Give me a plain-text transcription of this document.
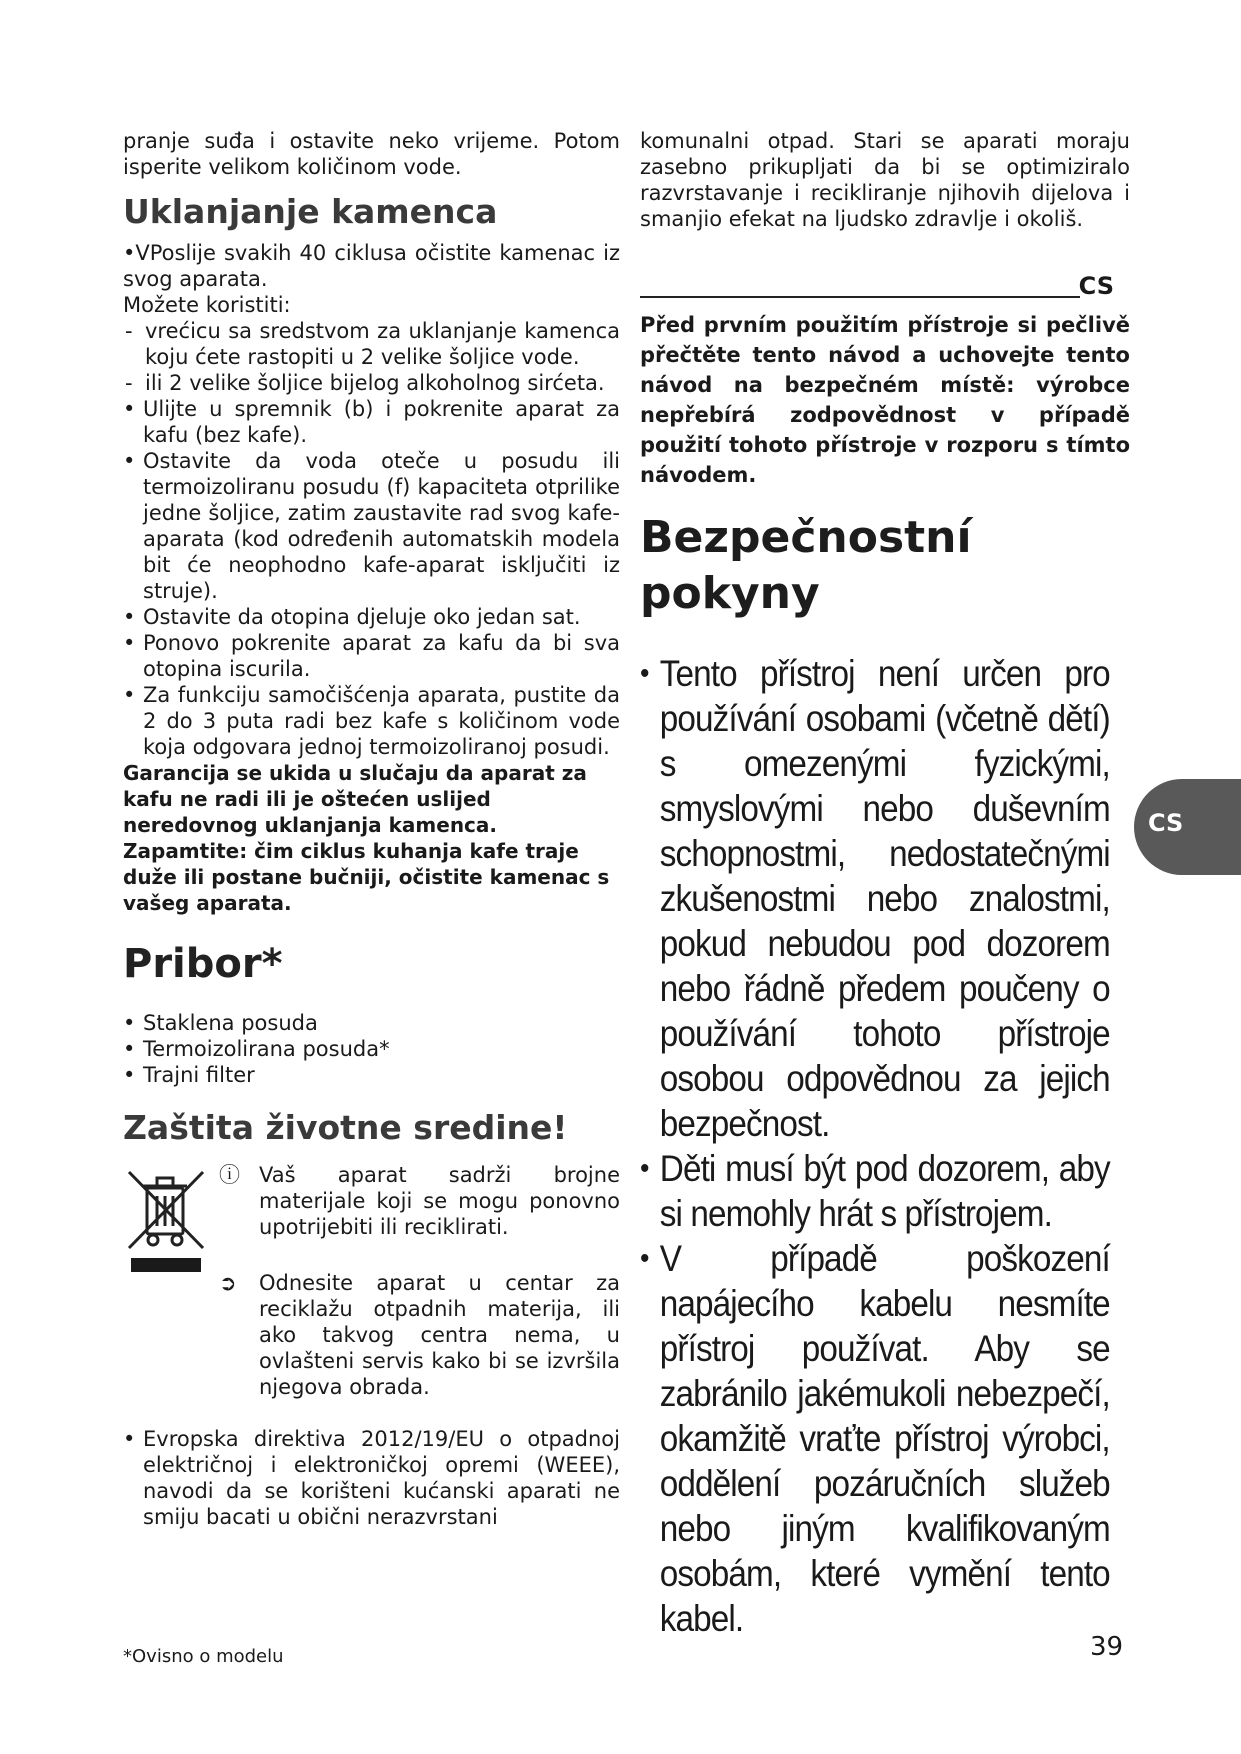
pranje suđa i ostavite neko vrijeme. Potom isperite velikom količinom vode.

Uklanjanje kamenca

•VPoslije svakih 40 ciklusa očistite kamenac iz svog aparata.

Možete koristiti:

- vrećicu sa sredstvom za uklanjanje kamenca koju ćete rastopiti u 2 velike šoljice vode.
- ili 2 velike šoljice bijelog alkoholnog sirćeta.
• Ulijte u spremnik (b) i pokrenite aparat za kafu (bez kafe).
• Ostavite da voda oteče u posudu ili termoizoliranu posudu (f) kapaciteta otprilike jedne šoljice, zatim zaustavite rad svog kafe-aparata (kod određenih automatskih modela bit će neophodno kafe-aparat isključiti iz struje).
• Ostavite da otopina djeluje oko jedan sat.
• Ponovo pokrenite aparat za kafu da bi sva otopina iscurila.
• Za funkciju samočišćenja aparata, pustite da 2 do 3 puta radi bez kafe s količinom vode koja odgovara jednoj termoizoliranoj posudi.

Garancija se ukida u slučaju da aparat za kafu ne radi ili je oštećen uslijed neredovnog uklanjanja kamenca.

Zapamtite: čim ciklus kuhanja kafe traje duže ili postane bučniji, očistite kamenac s vašeg aparata.

Pribor*
• Staklena posuda
• Termoizolirana posuda*
• Trajni filter
Zaštita životne sredine!
ⓘ Vaš aparat sadrži brojne materijale koji se mogu ponovno upotrijebiti ili reciklirati.

➲	Odnesite aparat u centar za reciklažu otpadnih materija, ili ako takvog centra nema, u ovlašteni servis kako bi se izvršila njegova obrada.

• Evropska direktiva 2012/19/EU o otpadnoj električnoj i elektroničkoj opremi (WEEE), navodi da se korišteni kućanski aparati ne smiju bacati u obični nerazvrstani

komunalni otpad. Stari se aparati moraju zasebno prikupljati da bi se optimiziralo razvrstavanje i recikliranje njihovih dijelova i smanjio efekat na ljudsko zdravlje i okoliš.

CS

Před prvním použitím přístroje si pečlivě přečtěte tento návod a uchovejte tento návod na bezpečném místě: výrobce nepřebírá zodpovědnost v případě použití tohoto přístroje v rozporu s tímto návodem.

Bezpečnostní pokyny
• Tento přístroj není určen pro používání osobami (včetně dětí) s omezenými fyzickými, smyslovými nebo duševním schopnostmi, nedostatečnými zkušenostmi nebo znalostmi, pokud nebudou pod dozorem nebo řádně předem poučeny o používání tohoto přístroje osobou odpovědnou za jejich bezpečnost.
• Děti musí být pod dozorem, aby si nemohly hrát s přístrojem.
• V případě poškození napájecího kabelu nesmíte přístroj používat. Aby se zabránilo jakémukoli nebezpečí, okamžitě vraťte přístroj výrobci, oddělení pozáručních služeb nebo jiným kvalifikovaným osobám, které vymění tento kabel.
CS
*Ovisno o modelu	39
